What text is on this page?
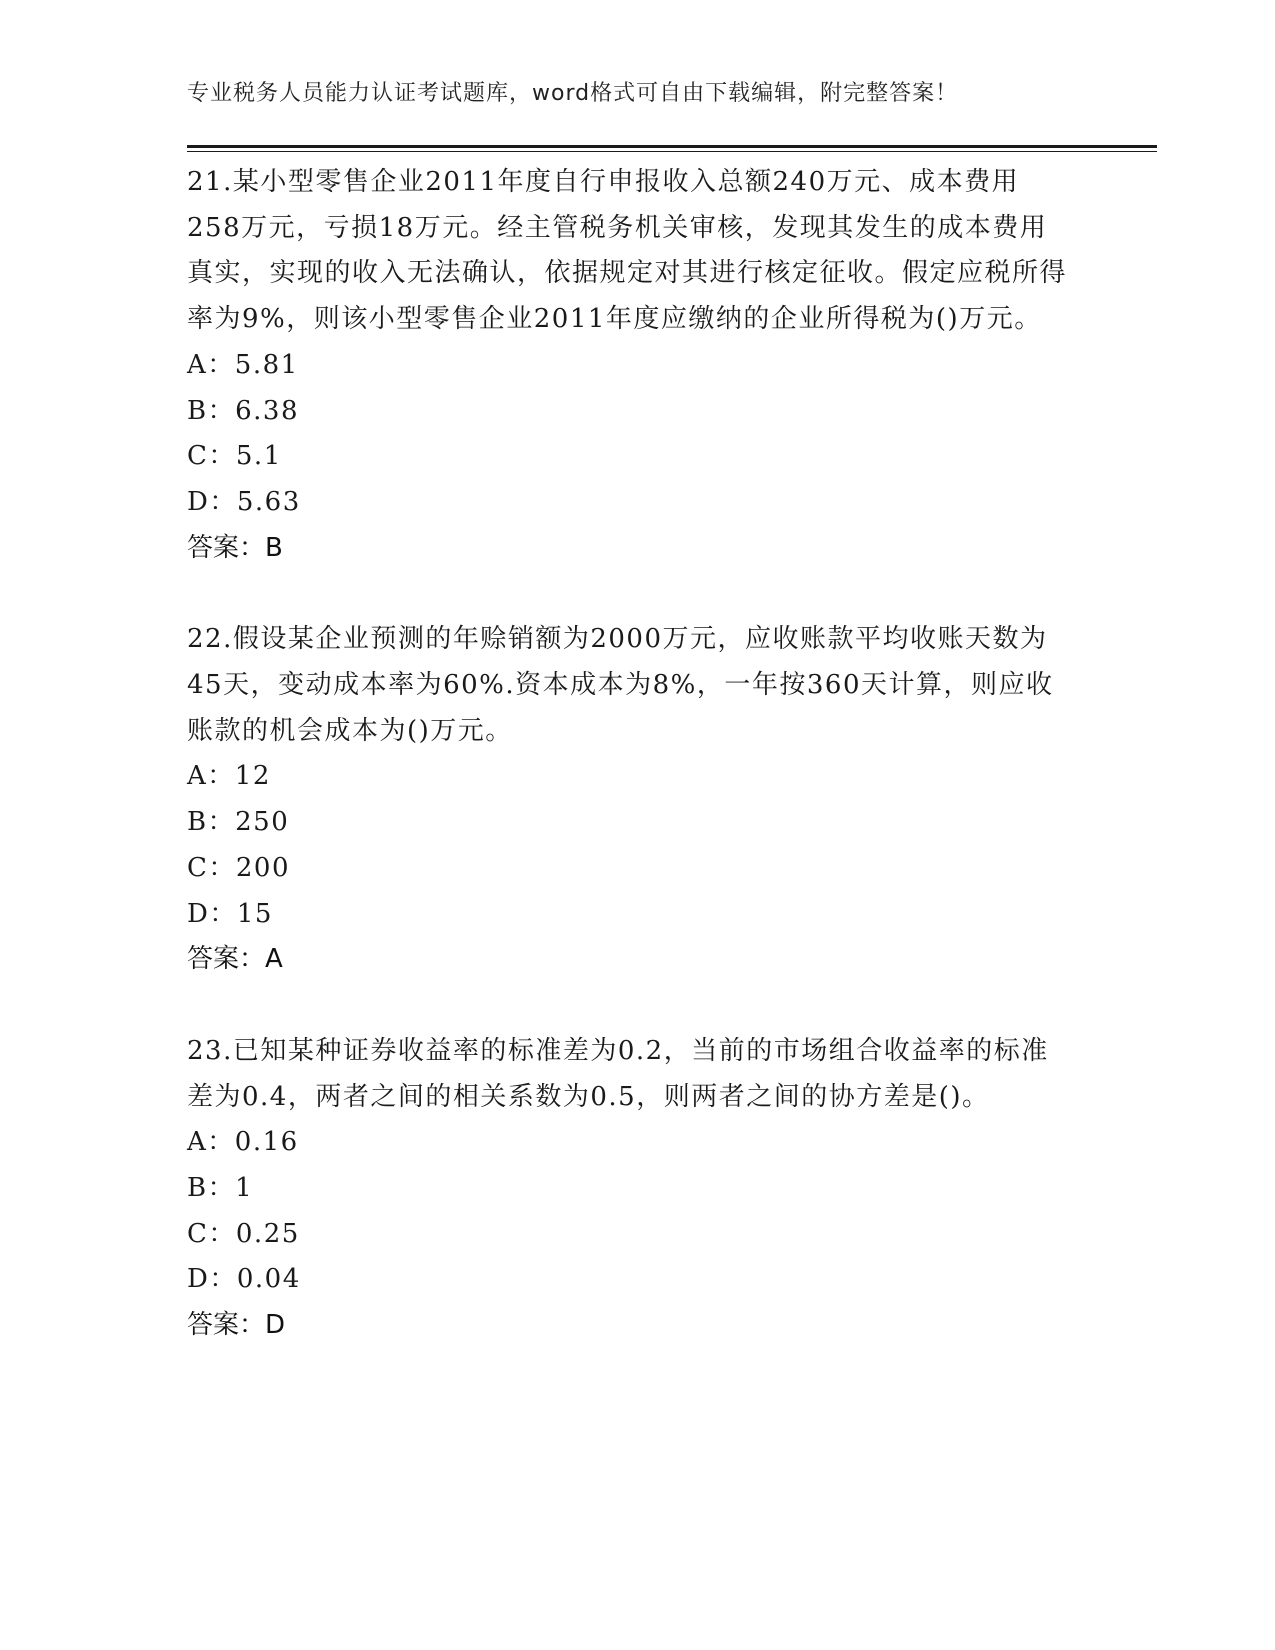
专业税务人员能力认证考试题库，word格式可自由下载编辑，附完整答案！

21.某小型零售企业2011年度自行申报收入总额240万元、成本费用258万元，亏损18万元。经主管税务机关审核，发现其发生的成本费用真实，实现的收入无法确认，依据规定对其进行核定征收。假定应税所得率为9%，则该小型零售企业2011年度应缴纳的企业所得税为()万元。

A：5.81

B：6.38

C：5.1

D：5.63

答案：B

22.假设某企业预测的年赊销额为2000万元，应收账款平均收账天数为45天，变动成本率为60%.资本成本为8%，一年按360天计算，则应收账款的机会成本为()万元。

A：12

B：250

C：200

D：15

答案：A

23.已知某种证券收益率的标准差为0.2，当前的市场组合收益率的标准差为0.4，两者之间的相关系数为0.5，则两者之间的协方差是()。

A：0.16

B：1

C：0.25

D：0.04

答案：D
